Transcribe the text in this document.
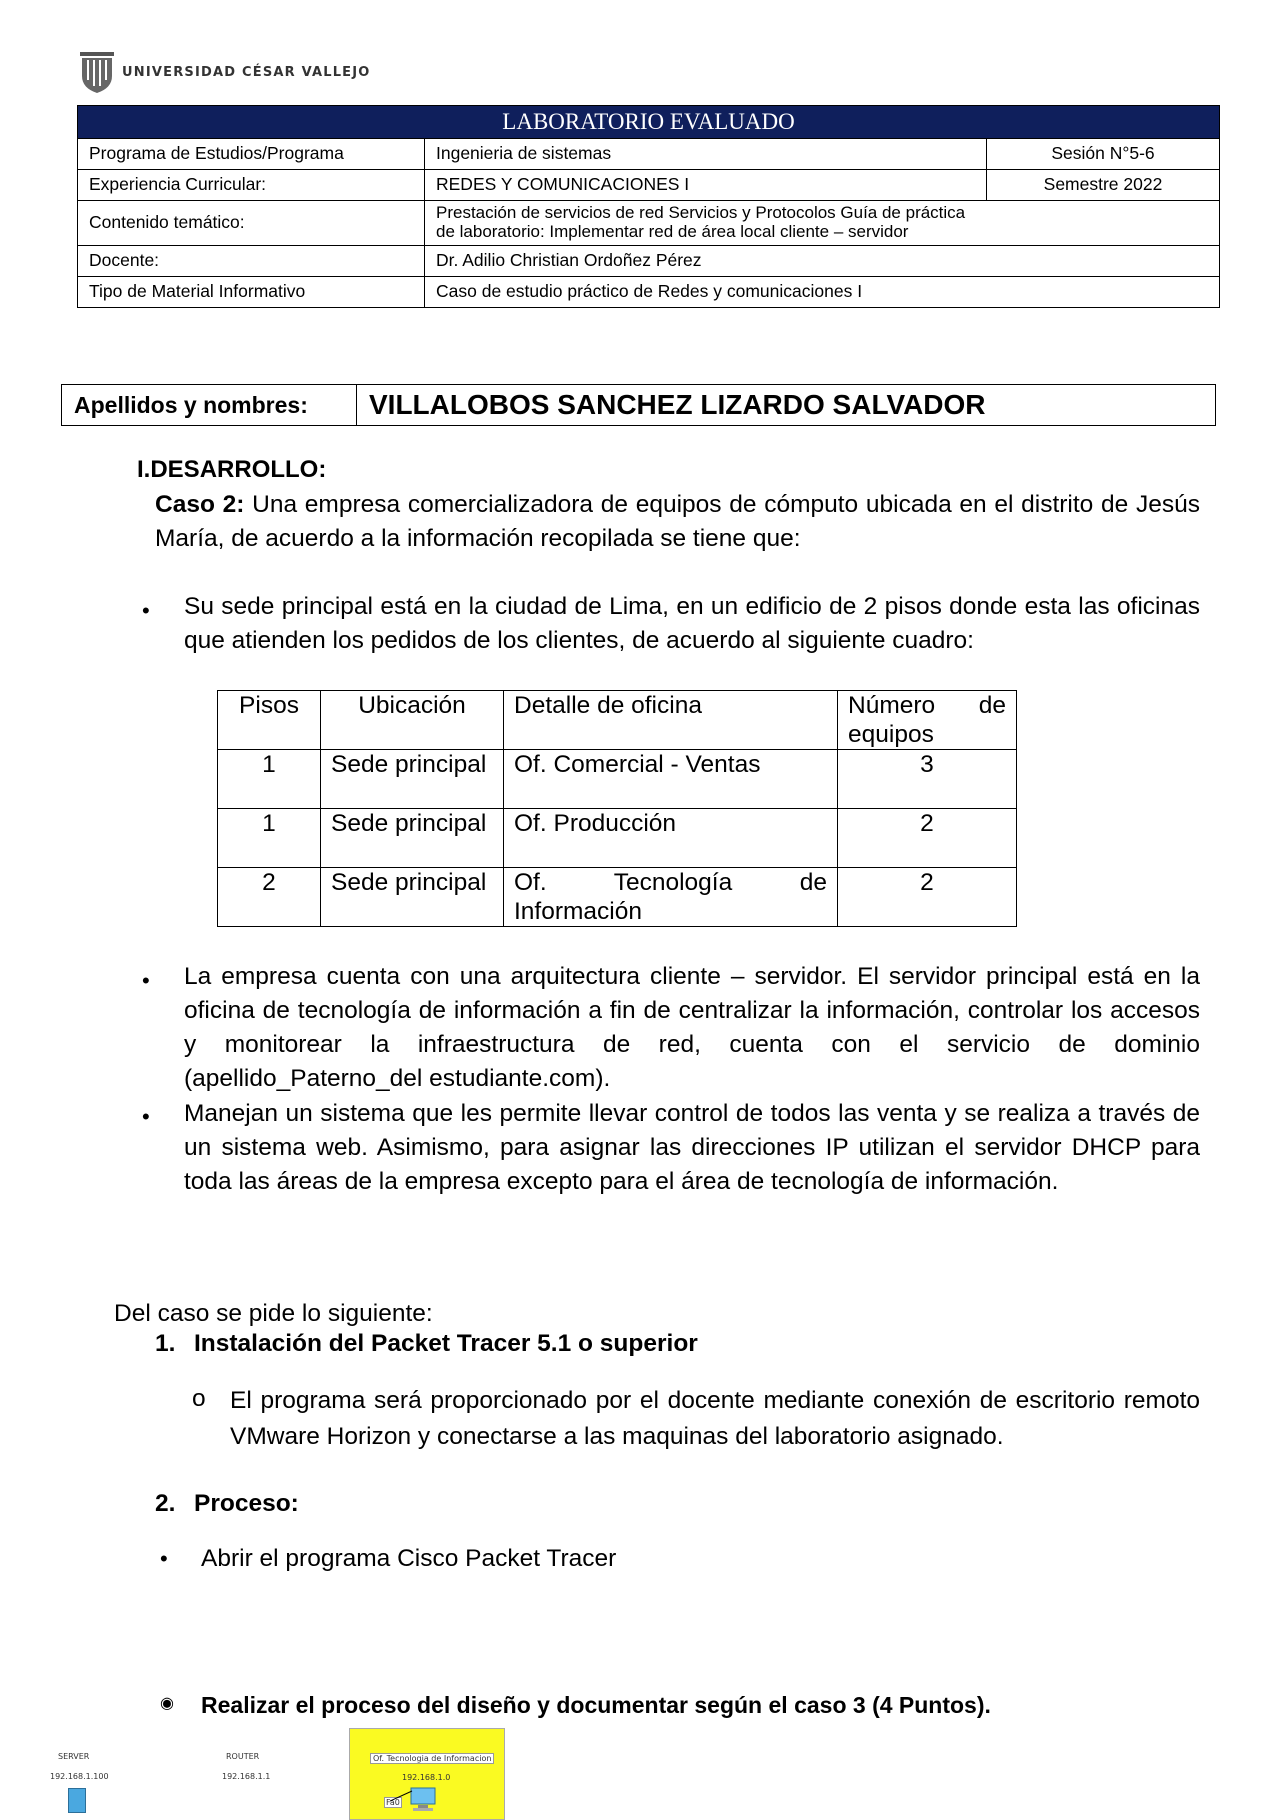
UNIVERSIDAD CÉSAR VALLEJO
LABORATORIO EVALUADO		
Programa de Estudios/Programa	Ingenieria de sistemas	Sesión N°5-6
Experiencia Curricular:	REDES Y COMUNICACIONES I	Semestre 2022
Contenido temático:	Prestación de servicios de red Servicios y Protocolos Guía de práctica
de laboratorio: Implementar red de área local cliente – servidor	

Docente:	Dr. Adilio Christian Ordoñez Pérez	
Tipo de Material Informativo	Caso de estudio práctico de Redes y comunicaciones I	
Apellidos y nombres:	VILLALOBOS SANCHEZ LIZARDO SALVADOR
I.DESARROLLO:
Caso 2: Una empresa comercializadora de equipos de cómputo ubicada en el distrito de Jesús María, de acuerdo a la información recopilada se tiene que:
• Su sede principal está en la ciudad de Lima, en un edificio de 2 pisos donde esta las oficinas que atienden los pedidos de los clientes, de acuerdo al siguiente cuadro:
Pisos	Ubicación	Detalle de oficina	Número de equipos
1	Sede principal	Of. Comercial - Ventas	3
1	Sede principal	Of. Producción	2
2	Sede principal	Of. Tecnología de Información	2
• La empresa cuenta con una arquitectura cliente – servidor. El servidor principal está en la oficina de tecnología de información a fin de centralizar la información, controlar los accesos y monitorear la infraestructura de red, cuenta con el servicio de dominio (apellido_Paterno_del estudiante.com).
• Manejan un sistema que les permite llevar control de todos las venta y se realiza a través de un sistema web. Asimismo, para asignar las direcciones IP utilizan el servidor DHCP para toda las áreas de la empresa excepto para el área de tecnología de información.
Del caso se pide lo siguiente:
1. Instalación del Packet Tracer 5.1 o superior
o El programa será proporcionado por el docente mediante conexión de escritorio remoto VMware Horizon y conectarse a las maquinas del laboratorio asignado.
2. Proceso:
• Abrir el programa Cisco Packet Tracer
◉ Realizar el proceso del diseño y documentar según el caso 3 (4 Puntos).
SERVER
192.168.1.100
ROUTER
192.168.1.1
Of. Tecnologia de Informacion
192.168.1.0
Fa0
